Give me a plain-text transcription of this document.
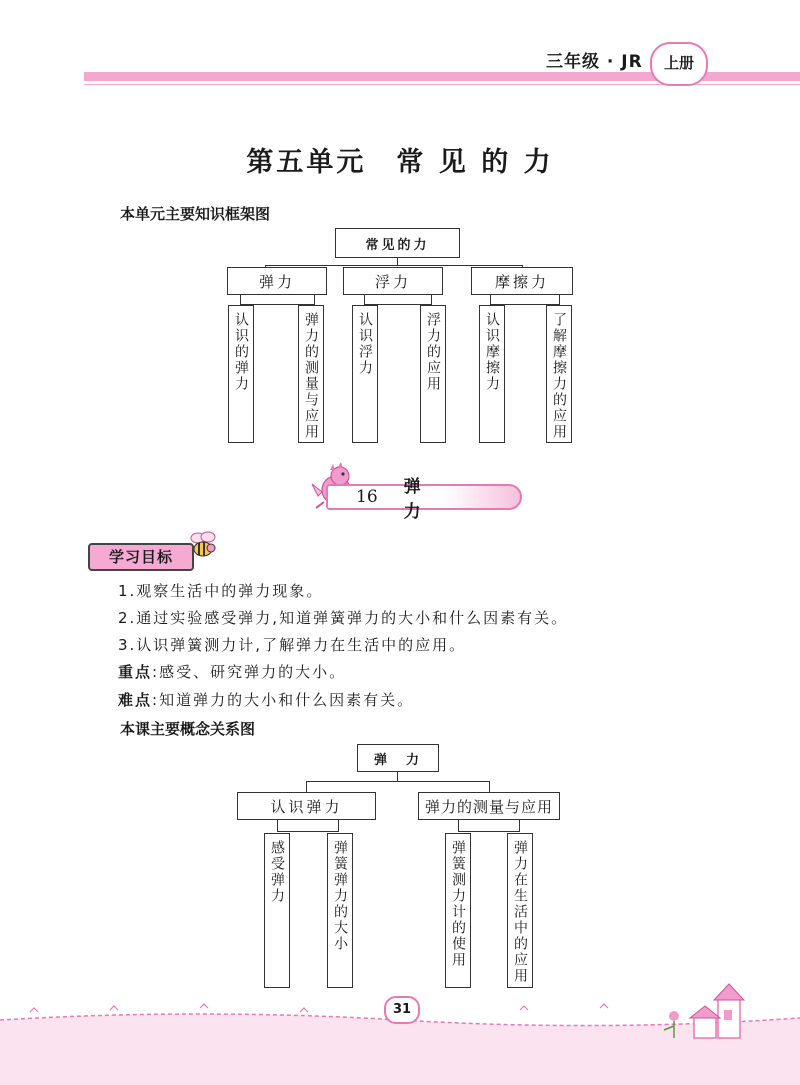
三年级 · JR	上册
第五单元　常 见 的 力
本单元主要知识框架图
常见的力
弹力	浮力	摩擦力
认识的弹力	弹力的测量与应用	认识浮力	浮力的应用	认识摩擦力	了解摩擦力的应用
16 弹 力
学习目标
1.观察生活中的弹力现象。
2.通过实验感受弹力,知道弹簧弹力的大小和什么因素有关。
3.认识弹簧测力计,了解弹力在生活中的应用。
重点:感受、研究弹力的大小。
难点:知道弹力的大小和什么因素有关。
本课主要概念关系图
弹　力
认识弹力	弹力的测量与应用
感受弹力	弹簧弹力的大小	弹簧测力计的使用	弹力在生活中的应用
31
